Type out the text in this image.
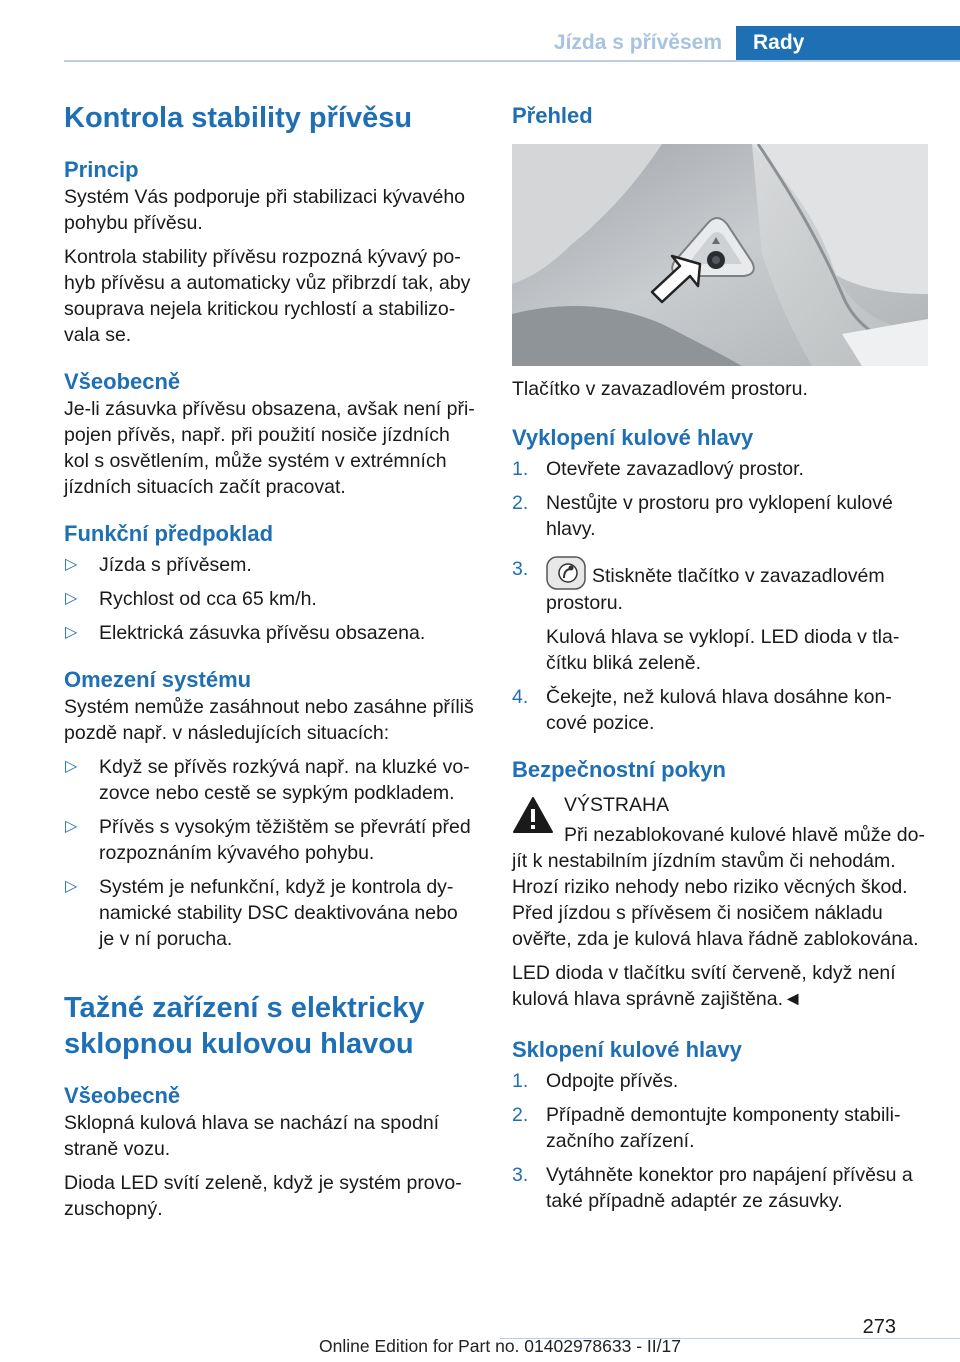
Jízda s přívěsem	Rady
Kontrola stability přívěsu
Princip

Systém Vás podporuje při stabilizaci kývavého pohybu přívěsu.

Kontrola stability přívěsu rozpozná kývavý po‐ hyb přívěsu a automaticky vůz přibrzdí tak, aby souprava nejela kritickou rychlostí a stabilizo‐ vala se.

Všeobecně

Je-li zásuvka přívěsu obsazena, avšak není při‐ pojen přívěs, např. při použití nosiče jízdních kol s osvětlením, může systém v extrémních jízdních situacích začít pracovat.

Funkční předpoklad
▷ Jízda s přívěsem.
▷ Rychlost od cca 65 km/h.
▷ Elektrická zásuvka přívěsu obsazena.
Omezení systému

Systém nemůže zasáhnout nebo zasáhne příliš pozdě např. v následujících situacích:

▷ Když se přívěs rozkývá např. na kluzké vo‐ zovce nebo cestě se sypkým podkladem.
▷ Přívěs s vysokým těžištěm se převrátí před rozpoznáním kývavého pohybu.
▷ Systém je nefunkční, když je kontrola dy‐ namické stability DSC deaktivována nebo je v ní porucha.
Tažné zařízení s elektricky sklopnou kulovou hlavou
Všeobecně

Sklopná kulová hlava se nachází na spodní straně vozu.

Dioda LED svítí zeleně, když je systém provo‐ zuschopný.

Přehled

Tlačítko v zavazadlovém prostoru.

Vyklopení kulové hlavy
1. Otevřete zavazadlový prostor.
2. Nestůjte v prostoru pro vyklopení kulové hlavy.
3.	Stiskněte tlačítko v zavazadlovém prostoru.
Kulová hlava se vyklopí. LED dioda v tla‐ čítku bliká zeleně.
4. Čekejte, než kulová hlava dosáhne kon‐ cové pozice.
Bezpečnostní pokyn

VÝSTRAHA

Při nezablokované kulové hlavě může do‐

jít k nestabilním jízdním stavům či nehodám. Hrozí riziko nehody nebo riziko věcných škod. Před jízdou s přívěsem či nosičem nákladu ověřte, zda je kulová hlava řádně zablokována.

LED dioda v tlačítku svítí červeně, když není kulová hlava správně zajištěna.◄

Sklopení kulové hlavy
1. Odpojte přívěs.
2. Případně demontujte komponenty stabili‐ začního zařízení.
3. Vytáhněte konektor pro napájení přívěsu a také případně adaptér ze zásuvky.
273
Online Edition for Part no. 01402978633 - II/17
